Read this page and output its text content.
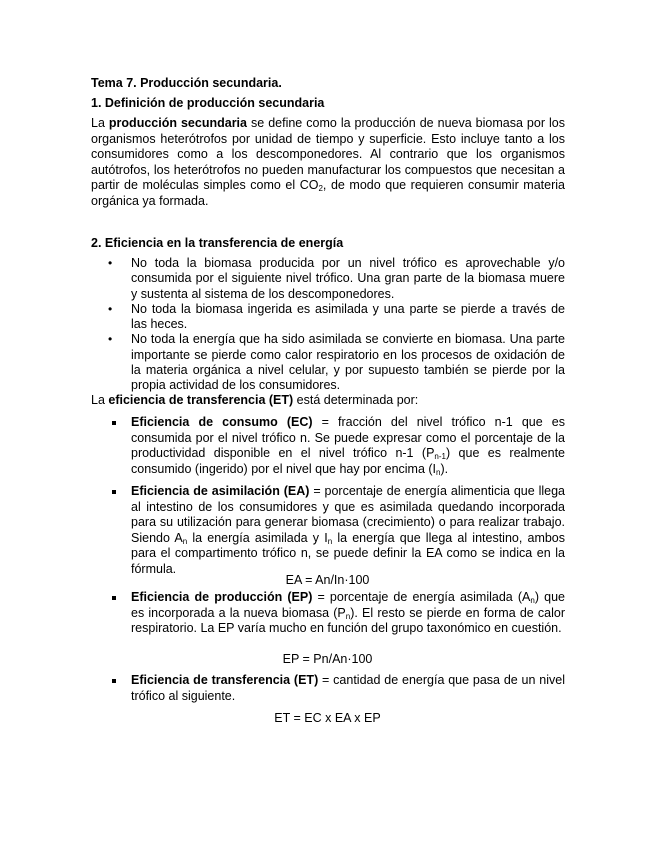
Tema 7. Producción secundaria.
1. Definición de producción secundaria
La producción secundaria se define como la producción de nueva biomasa por los organismos heterótrofos por unidad de tiempo y superficie. Esto incluye tanto a los consumidores como a los descomponedores. Al contrario que los organismos autótrofos, los heterótrofos no pueden manufacturar los compuestos que necesitan a partir de moléculas simples como el $CO_2$, de modo que requieren consumir materia orgánica ya formada.
2. Eficiencia en la transferencia de energía
• No toda la biomasa producida por un nivel trófico es aprovechable y/o consumida por el siguiente nivel trófico. Una gran parte de la biomasa muere y sustenta al sistema de los descomponedores.
• No toda la biomasa ingerida es asimilada y una parte se pierde a través de las heces.
• No toda la energía que ha sido asimilada se convierte en biomasa. Una parte importante se pierde como calor respiratorio en los procesos de oxidación de la materia orgánica a nivel celular, y por supuesto también se pierde por la propia actividad de los consumidores.
La eficiencia de transferencia (ET) está determinada por:
Eficiencia de consumo (EC) = fracción del nivel trófico n-1 que es consumida por el nivel trófico n. Se puede expresar como el porcentaje de la productividad disponible en el nivel trófico n-1 $(P_{n-1})$ que es realmente consumido (ingerido) por el nivel que hay por encima $(I_n)$.
Eficiencia de asimilación (EA) = porcentaje de energía alimenticia que llega al intestino de los consumidores y que es asimilada quedando incorporada para su utilización para generar biomasa (crecimiento) o para realizar trabajo. Siendo $A_n$ la energía asimilada y $I_n$ la energía que llega al intestino, ambos para el compartimento trófico n, se puede definir la EA como se indica en la fórmula.
EA = An/In·100
Eficiencia de producción (EP) = porcentaje de energía asimilada $(A_n)$ que es incorporada a la nueva biomasa $(P_n)$. El resto se pierde en forma de calor respiratorio. La EP varía mucho en función del grupo taxonómico en cuestión.
EP = Pn/An·100
Eficiencia de transferencia (ET) = cantidad de energía que pasa de un nivel trófico al siguiente.
ET = EC x EA x EP
